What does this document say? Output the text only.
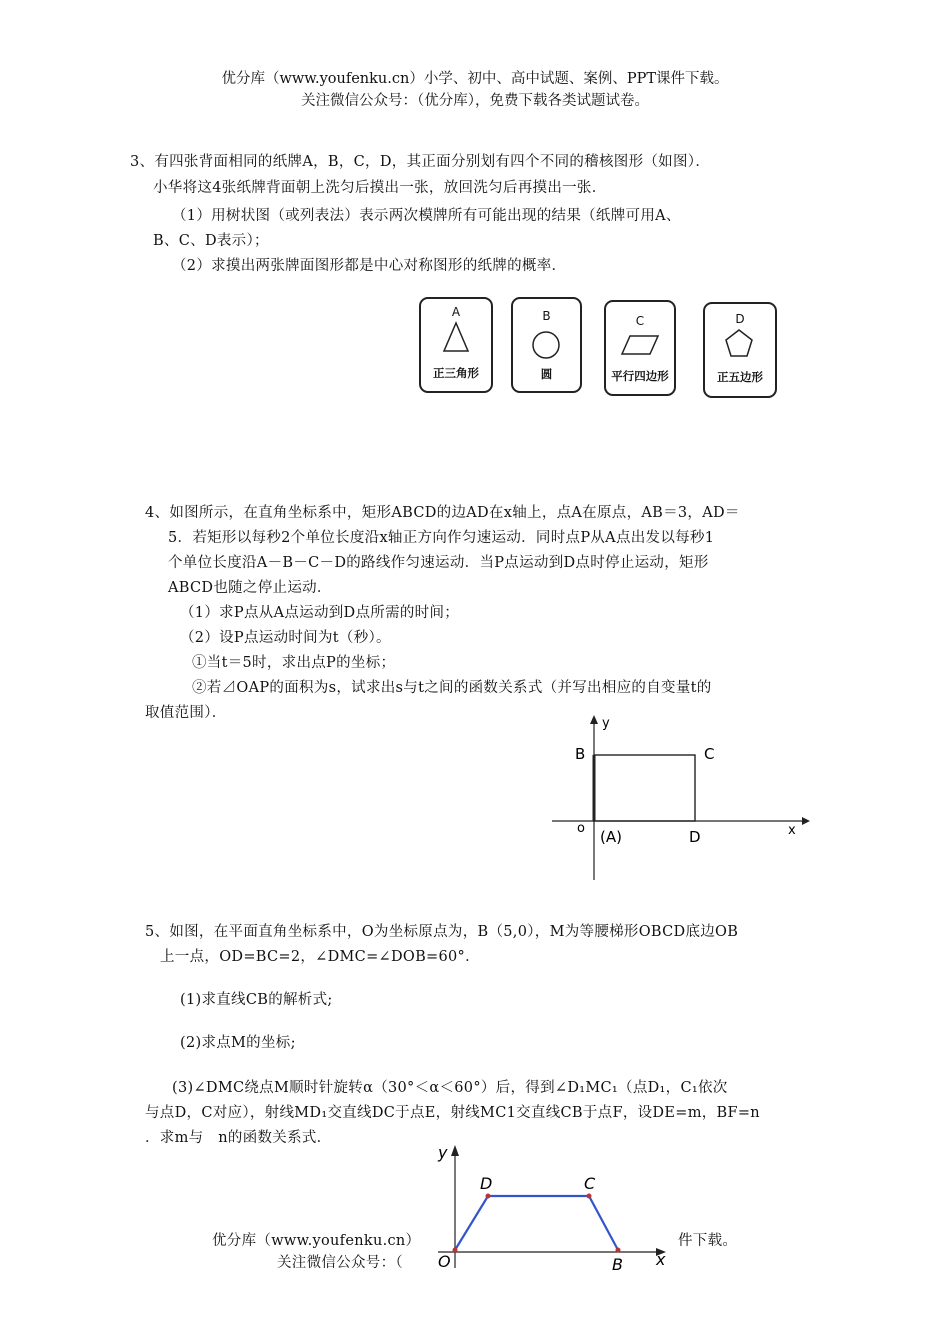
优分库（www.youfenku.cn）小学、初中、高中试题、案例、PPT课件下载。
关注微信公众号：（优分库），免费下载各类试题试卷。
3、有四张背面相同的纸牌A，B，C，D，其正面分别划有四个不同的稽核图形（如图）．
小华将这4张纸牌背面朝上洗匀后摸出一张，放回洗匀后再摸出一张．
（1）用树状图（或列表法）表示两次模牌所有可能出现的结果（纸牌可用A、
B、C、D表示）；
（2）求摸出两张牌面图形都是中心对称图形的纸牌的概率．
A
正三角形
B
圆
C
平行四边形
D
正五边形
4、如图所示，在直角坐标系中，矩形ABCD的边AD在x轴上，点A在原点，AB＝3，AD＝
5．若矩形以每秒2个单位长度沿x轴正方向作匀速运动．同时点P从A点出发以每秒1
个单位长度沿A－B－C－D的路线作匀速运动．当P点运动到D点时停止运动，矩形
ABCD也随之停止运动．
（1）求P点从A点运动到D点所需的时间；
（2）设P点运动时间为t（秒）。
①当t＝5时，求出点P的坐标；
②若⊿OAP的面积为s，试求出s与t之间的函数关系式（并写出相应的自变量t的
取值范围）．
y
x
B	C
o (A)	D
5、如图，在平面直角坐标系中，O为坐标原点为，B（5,0），M为等腰梯形OBCD底边OB
上一点，OD=BC=2，∠DMC=∠DOB=60°．
(1)求直线CB的解析式;
(2)求点M的坐标;
(3)∠DMC绕点M顺时针旋转α（30°＜α＜60°）后，得到∠D₁MC₁（点D₁，C₁依次
与点D，C对应），射线MD₁交直线DC于点E，射线MC1交直线CB于点F，设DE=m，BF=n
．求m与　n的函数关系式．
优分库（www.youfenku.cn）小	件下载。
关注微信公众号：（
y
x
O
D	C
B
